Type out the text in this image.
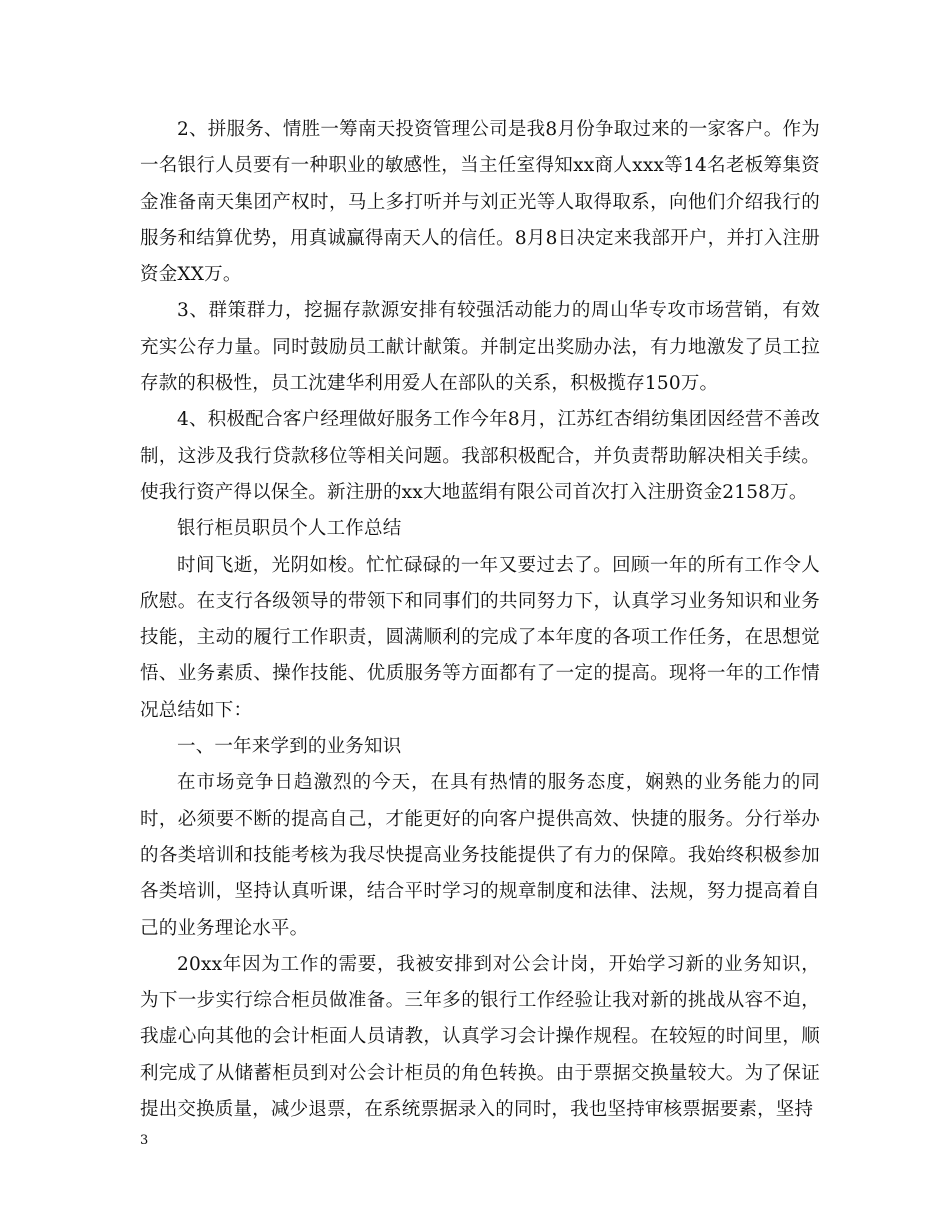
2、拼服务、情胜一筹南天投资管理公司是我8月份争取过来的一家客户。作为一名银行人员要有一种职业的敏感性，当主任室得知xx商人xxx等14名老板筹集资金准备南天集团产权时，马上多打听并与刘正光等人取得取系，向他们介绍我行的服务和结算优势，用真诚赢得南天人的信任。8月8日决定来我部开户，并打入注册资金XX万。

3、群策群力，挖掘存款源安排有较强活动能力的周山华专攻市场营销，有效充实公存力量。同时鼓励员工献计献策。并制定出奖励办法，有力地激发了员工拉存款的积极性，员工沈建华利用爱人在部队的关系，积极揽存150万。

4、积极配合客户经理做好服务工作今年8月，江苏红杏绢纺集团因经营不善改制，这涉及我行贷款移位等相关问题。我部积极配合，并负责帮助解决相关手续。使我行资产得以保全。新注册的xx大地蓝绢有限公司首次打入注册资金2158万。

银行柜员职员个人工作总结

时间飞逝，光阴如梭。忙忙碌碌的一年又要过去了。回顾一年的所有工作令人欣慰。在支行各级领导的带领下和同事们的共同努力下，认真学习业务知识和业务技能，主动的履行工作职责，圆满顺利的完成了本年度的各项工作任务，在思想觉悟、业务素质、操作技能、优质服务等方面都有了一定的提高。现将一年的工作情况总结如下：

一、一年来学到的业务知识

在市场竞争日趋激烈的今天，在具有热情的服务态度，娴熟的业务能力的同时，必须要不断的提高自己，才能更好的向客户提供高效、快捷的服务。分行举办的各类培训和技能考核为我尽快提高业务技能提供了有力的保障。我始终积极参加各类培训，坚持认真听课，结合平时学习的规章制度和法律、法规，努力提高着自己的业务理论水平。

20xx年因为工作的需要，我被安排到对公会计岗，开始学习新的业务知识，为下一步实行综合柜员做准备。三年多的银行工作经验让我对新的挑战从容不迫，我虚心向其他的会计柜面人员请教，认真学习会计操作规程。在较短的时间里，顺利完成了从储蓄柜员到对公会计柜员的角色转换。由于票据交换量较大。为了保证提出交换质量，减少退票，在系统票据录入的同时，我也坚持审核票据要素，坚持

3
